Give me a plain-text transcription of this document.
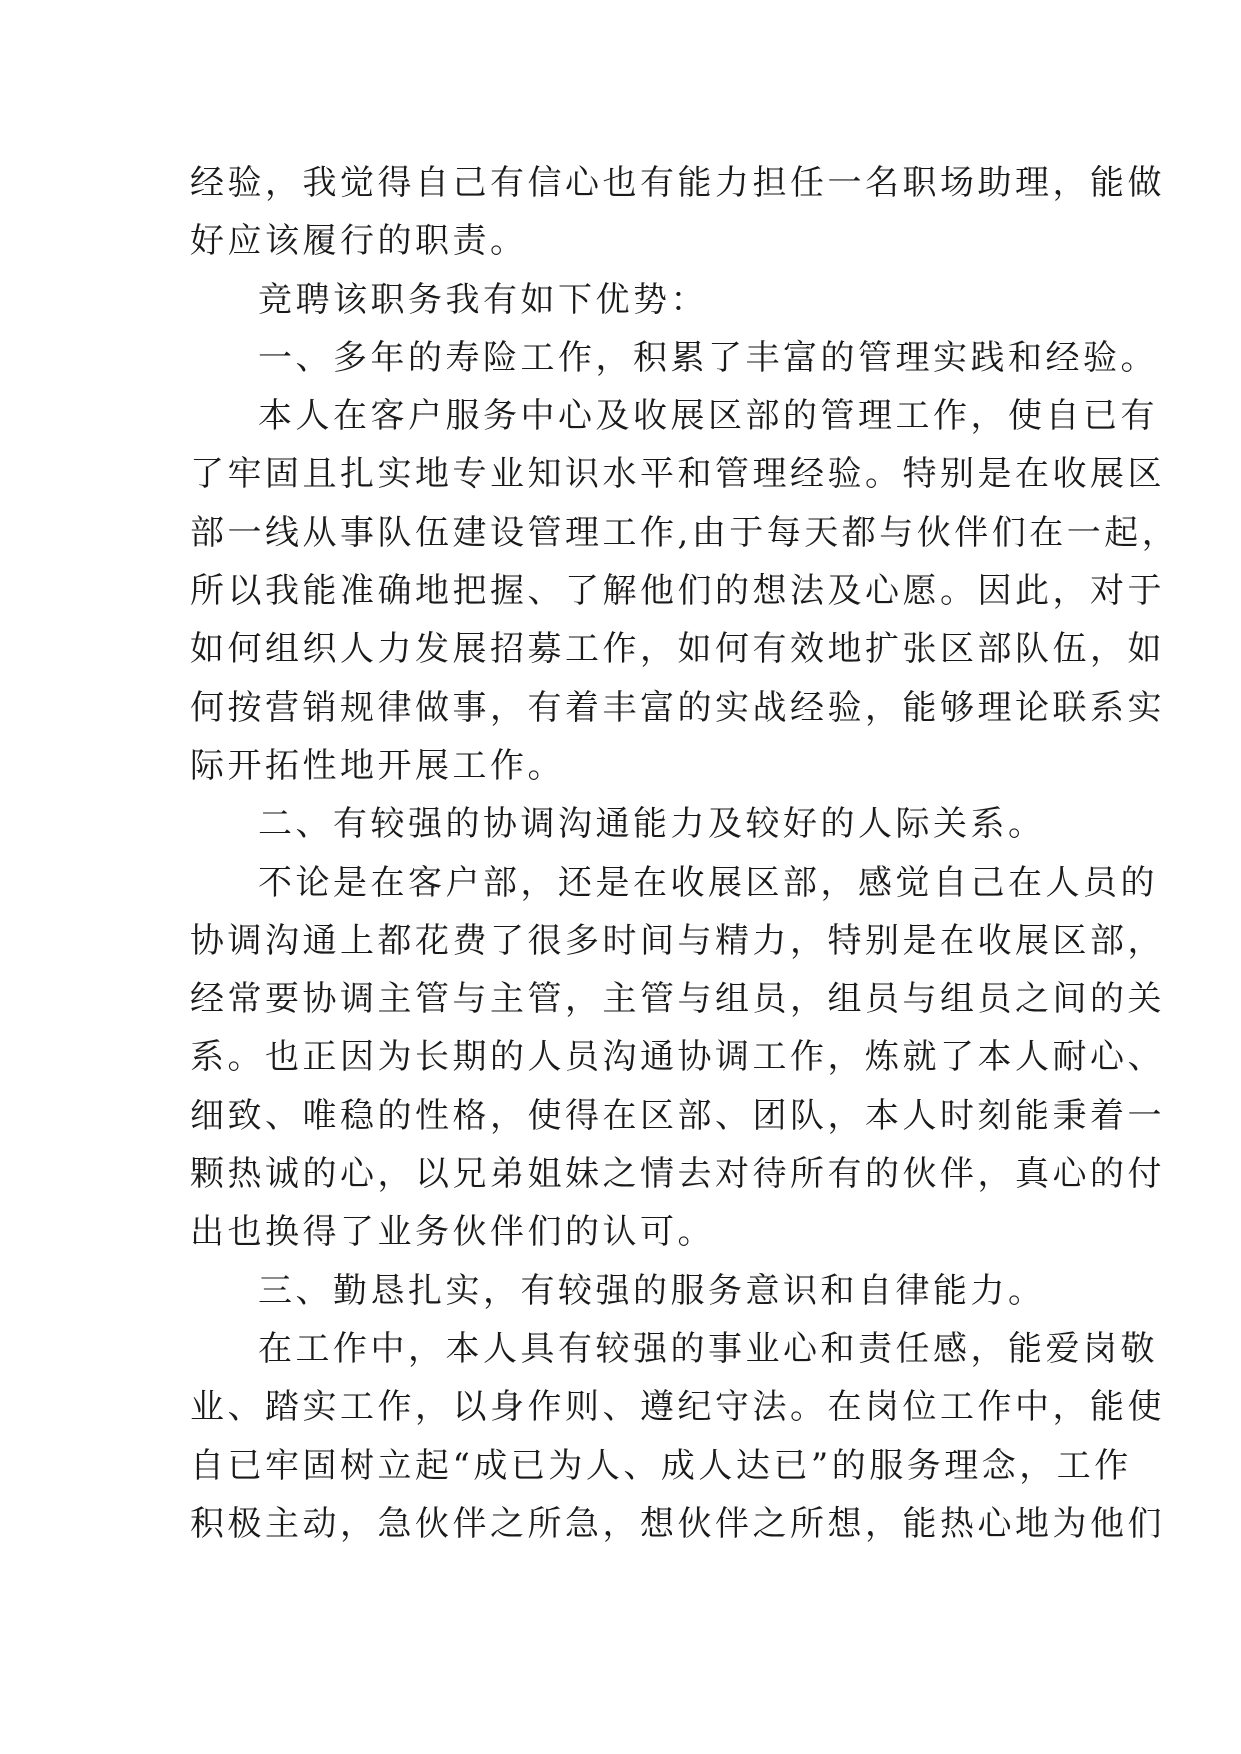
经验，我觉得自己有信心也有能力担任一名职场助理，能做
好应该履行的职责。
竞聘该职务我有如下优势：
一、多年的寿险工作，积累了丰富的管理实践和经验。
本人在客户服务中心及收展区部的管理工作，使自已有
了牢固且扎实地专业知识水平和管理经验。特别是在收展区
部一线从事队伍建设管理工作,由于每天都与伙伴们在一起，
所以我能准确地把握、了解他们的想法及心愿。因此，对于
如何组织人力发展招募工作，如何有效地扩张区部队伍，如
何按营销规律做事，有着丰富的实战经验，能够理论联系实
际开拓性地开展工作。
二、有较强的协调沟通能力及较好的人际关系。
不论是在客户部，还是在收展区部，感觉自己在人员的
协调沟通上都花费了很多时间与精力，特别是在收展区部，
经常要协调主管与主管，主管与组员，组员与组员之间的关
系。也正因为长期的人员沟通协调工作，炼就了本人耐心、
细致、唯稳的性格，使得在区部、团队，本人时刻能秉着一
颗热诚的心，以兄弟姐妹之情去对待所有的伙伴，真心的付
出也换得了业务伙伴们的认可。
三、勤恳扎实，有较强的服务意识和自律能力。
在工作中，本人具有较强的事业心和责任感，能爱岗敬
业、踏实工作，以身作则、遵纪守法。在岗位工作中，能使
自已牢固树立起“成已为人、成人达已”的服务理念，工作
积极主动，急伙伴之所急，想伙伴之所想，能热心地为他们
